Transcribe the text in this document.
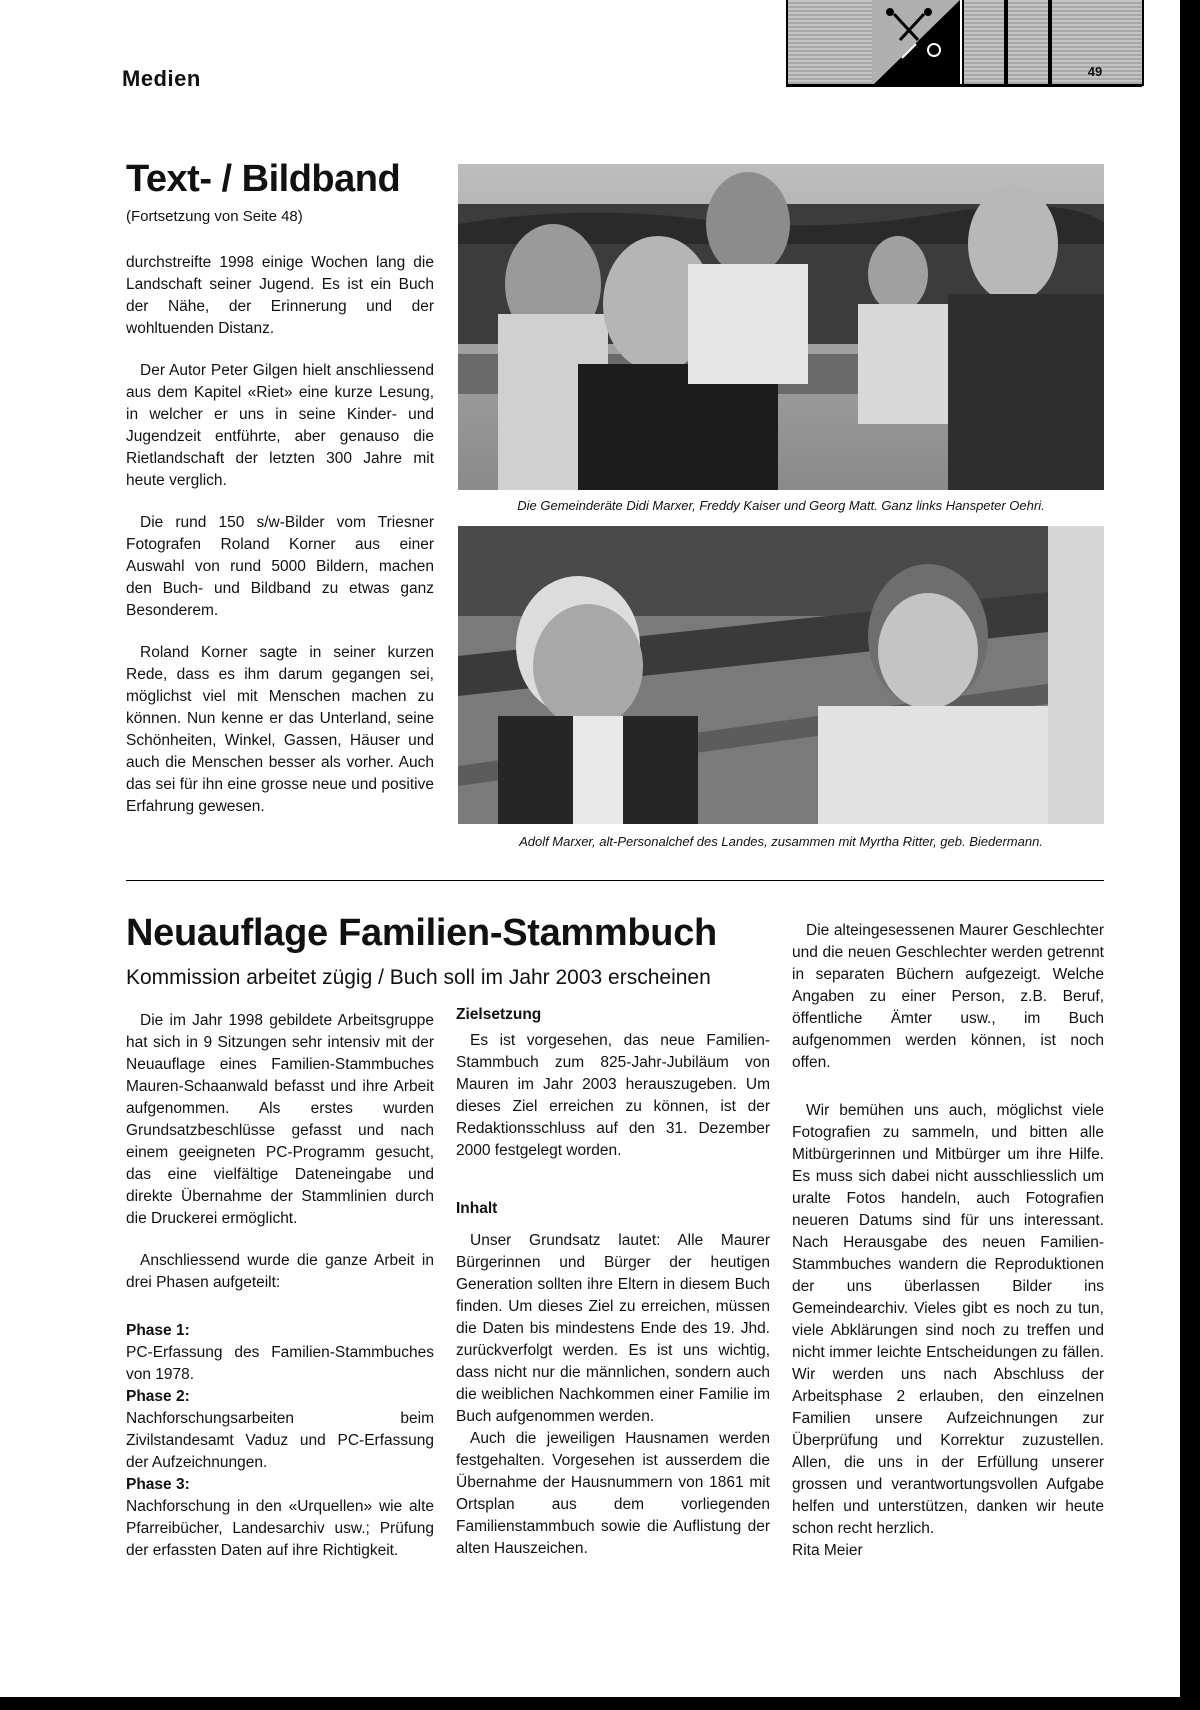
Medien	49
Text- / Bildband
(Fortsetzung von Seite 48)

durchstreifte 1998 einige Wochen lang die Landschaft seiner Jugend. Es ist ein Buch der Nähe, der Erinnerung und der wohltuenden Distanz.

Der Autor Peter Gilgen hielt anschliessend aus dem Kapitel «Riet» eine kurze Lesung, in welcher er uns in seine Kinder- und Jugendzeit entführte, aber genauso die Rietlandschaft der letzten 300 Jahre mit heute verglich.

Die rund 150 s/w-Bilder vom Triesner Fotografen Roland Korner aus einer Auswahl von rund 5000 Bildern, machen den Buch- und Bildband zu etwas ganz Besonderem.

Roland Korner sagte in seiner kurzen Rede, dass es ihm darum gegangen sei, möglichst viel mit Menschen machen zu können. Nun kenne er das Unterland, seine Schönheiten, Winkel, Gassen, Häuser und auch die Menschen besser als vorher. Auch das sei für ihn eine grosse neue und positive Erfahrung gewesen.

Die Gemeinderäte Didi Marxer, Freddy Kaiser und Georg Matt. Ganz links Hanspeter Oehri.
Adolf Marxer, alt-Personalchef des Landes, zusammen mit Myrtha Ritter, geb. Biedermann.
Neuauflage Familien-Stammbuch
Kommission arbeitet zügig / Buch soll im Jahr 2003 erscheinen

Die im Jahr 1998 gebildete Arbeitsgruppe hat sich in 9 Sitzungen sehr intensiv mit der Neuauflage eines Familien-Stammbuches Mauren-Schaanwald befasst und ihre Arbeit aufgenommen. Als erstes wurden Grundsatzbeschlüsse gefasst und nach einem geeigneten PC-Programm gesucht, das eine vielfältige Dateneingabe und direkte Übernahme der Stammlinien durch die Druckerei ermöglicht.

Anschliessend wurde die ganze Arbeit in drei Phasen aufgeteilt:

Phase 1:

PC-Erfassung des Familien-Stammbuches von 1978.

Phase 2:

Nachforschungsarbeiten beim Zivilstandesamt Vaduz und PC-Erfassung der Aufzeichnungen.

Phase 3:

Nachforschung in den «Urquellen» wie alte Pfarreibücher, Landesarchiv usw.; Prüfung der erfassten Daten auf ihre Richtigkeit.

Zielsetzung

Es ist vorgesehen, das neue Familien-Stammbuch zum 825-Jahr-Jubiläum von Mauren im Jahr 2003 herauszugeben. Um dieses Ziel erreichen zu können, ist der Redaktionsschluss auf den 31. Dezember 2000 festgelegt worden.

Inhalt

Unser Grundsatz lautet: Alle Maurer Bürgerinnen und Bürger der heutigen Generation sollten ihre Eltern in diesem Buch finden. Um dieses Ziel zu erreichen, müssen die Daten bis mindestens Ende des 19. Jhd. zurückverfolgt werden. Es ist uns wichtig, dass nicht nur die männlichen, sondern auch die weiblichen Nachkommen einer Familie im Buch aufgenommen werden.

Auch die jeweiligen Hausnamen werden festgehalten. Vorgesehen ist ausserdem die Übernahme der Hausnummern von 1861 mit Ortsplan aus dem vorliegenden Familienstammbuch sowie die Auflistung der alten Hauszeichen.

Die alteingesessenen Maurer Geschlechter und die neuen Geschlechter werden getrennt in separaten Büchern aufgezeigt. Welche Angaben zu einer Person, z.B. Beruf, öffentliche Ämter usw., im Buch aufgenommen werden können, ist noch offen.

Wir bemühen uns auch, möglichst viele Fotografien zu sammeln, und bitten alle Mitbürgerinnen und Mitbürger um ihre Hilfe. Es muss sich dabei nicht ausschliesslich um uralte Fotos handeln, auch Fotografien neueren Datums sind für uns interessant. Nach Herausgabe des neuen Familien-Stammbuches wandern die Reproduktionen der uns überlassen Bilder ins Gemeindearchiv. Vieles gibt es noch zu tun, viele Abklärungen sind noch zu treffen und nicht immer leichte Entscheidungen zu fällen. Wir werden uns nach Abschluss der Arbeitsphase 2 erlauben, den einzelnen Familien unsere Aufzeichnungen zur Überprüfung und Korrektur zuzustellen. Allen, die uns in der Erfüllung unserer grossen und verantwortungsvollen Aufgabe helfen und unterstützen, danken wir heute schon recht herzlich.

Rita Meier
